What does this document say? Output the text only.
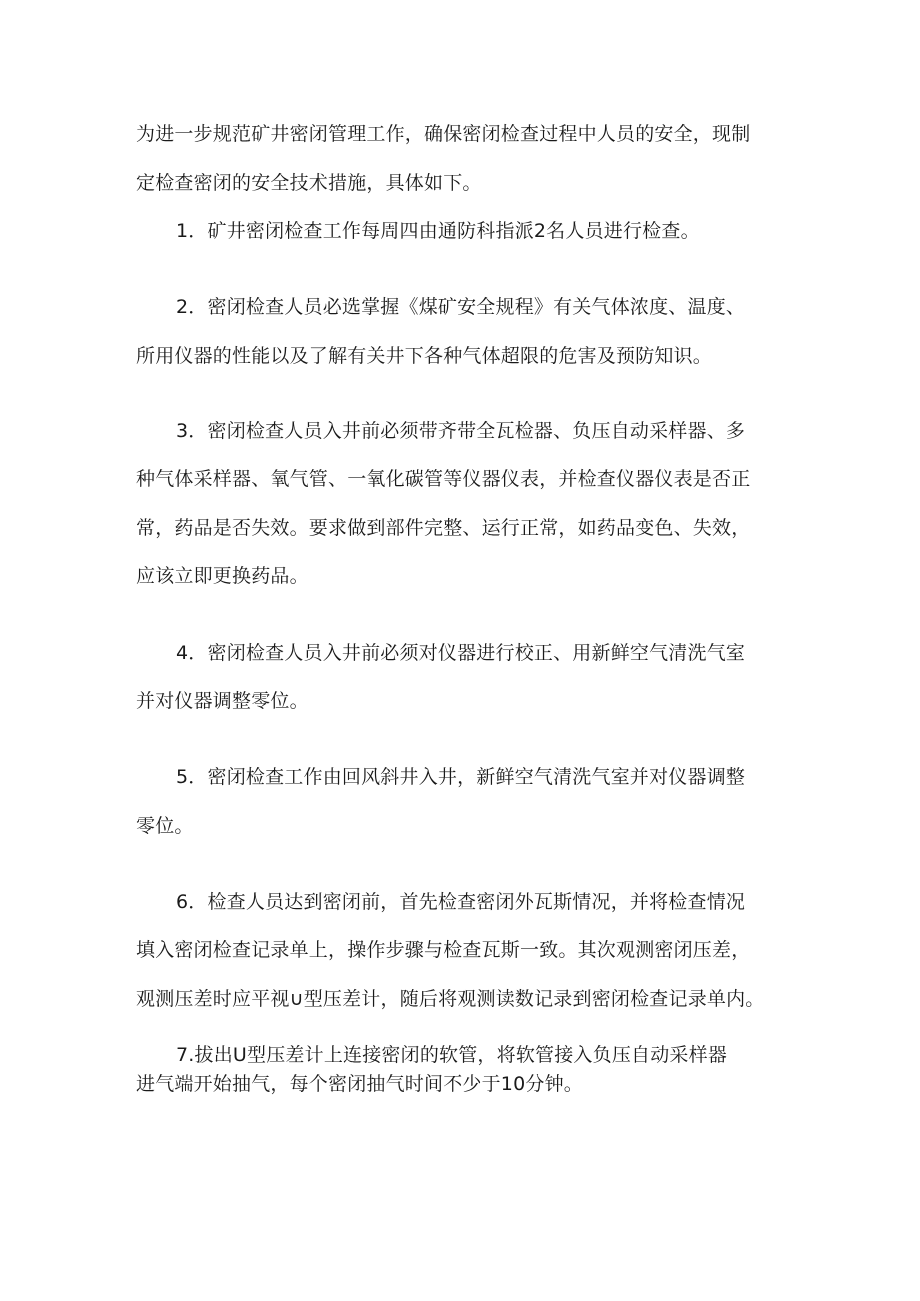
为进一步规范矿井密闭管理工作，确保密闭检查过程中人员的安全，现制
定检查密闭的安全技术措施，具体如下。
1．矿井密闭检查工作每周四由通防科指派2名人员进行检查。
2．密闭检查人员必选掌握《煤矿安全规程》有关气体浓度、温度、
所用仪器的性能以及了解有关井下各种气体超限的危害及预防知识。
3．密闭检查人员入井前必须带齐带全瓦检器、负压自动采样器、多
种气体采样器、氧气管、一氧化碳管等仪器仪表，并检查仪器仪表是否正
常，药品是否失效。要求做到部件完整、运行正常，如药品变色、失效，
应该立即更换药品。
4．密闭检查人员入井前必须对仪器进行校正、用新鲜空气清洗气室
并对仪器调整零位。
5．密闭检查工作由回风斜井入井，新鲜空气清洗气室并对仪器调整
零位。
6．检查人员达到密闭前，首先检查密闭外瓦斯情况，并将检查情况
填入密闭检查记录单上，操作步骤与检查瓦斯一致。其次观测密闭压差，
观测压差时应平视∪型压差计，随后将观测读数记录到密闭检查记录单内。
7.拔出U型压差计上连接密闭的软管，将软管接入负压自动采样器
进气端开始抽气，每个密闭抽气时间不少于10分钟。
